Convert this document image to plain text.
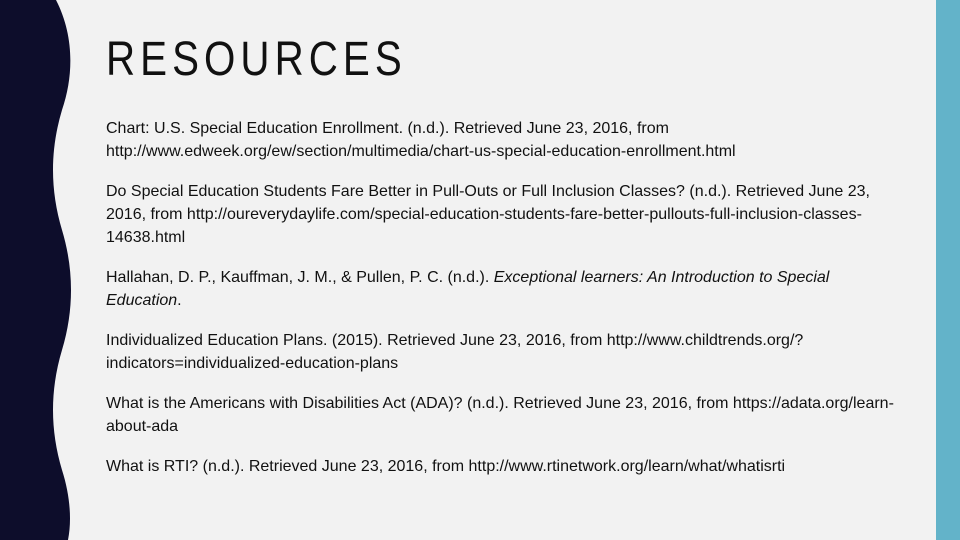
RESOURCES
Chart: U.S. Special Education Enrollment. (n.d.). Retrieved June 23, 2016, from http://www.edweek.org/ew/section/multimedia/chart-us-special-education-enrollment.html
Do Special Education Students Fare Better in Pull-Outs or Full Inclusion Classes? (n.d.). Retrieved June 23, 2016, from http://oureverydaylife.com/special-education-students-fare-better-pullouts-full-inclusion-classes-14638.html
Hallahan, D. P., Kauffman, J. M., & Pullen, P. C. (n.d.). Exceptional learners: An Introduction to Special Education.
Individualized Education Plans. (2015). Retrieved June 23, 2016, from http://www.childtrends.org/?indicators=individualized-education-plans
What is the Americans with Disabilities Act (ADA)? (n.d.). Retrieved June 23, 2016, from https://adata.org/learn-about-ada
What is RTI? (n.d.). Retrieved June 23, 2016, from http://www.rtinetwork.org/learn/what/whatisrti
